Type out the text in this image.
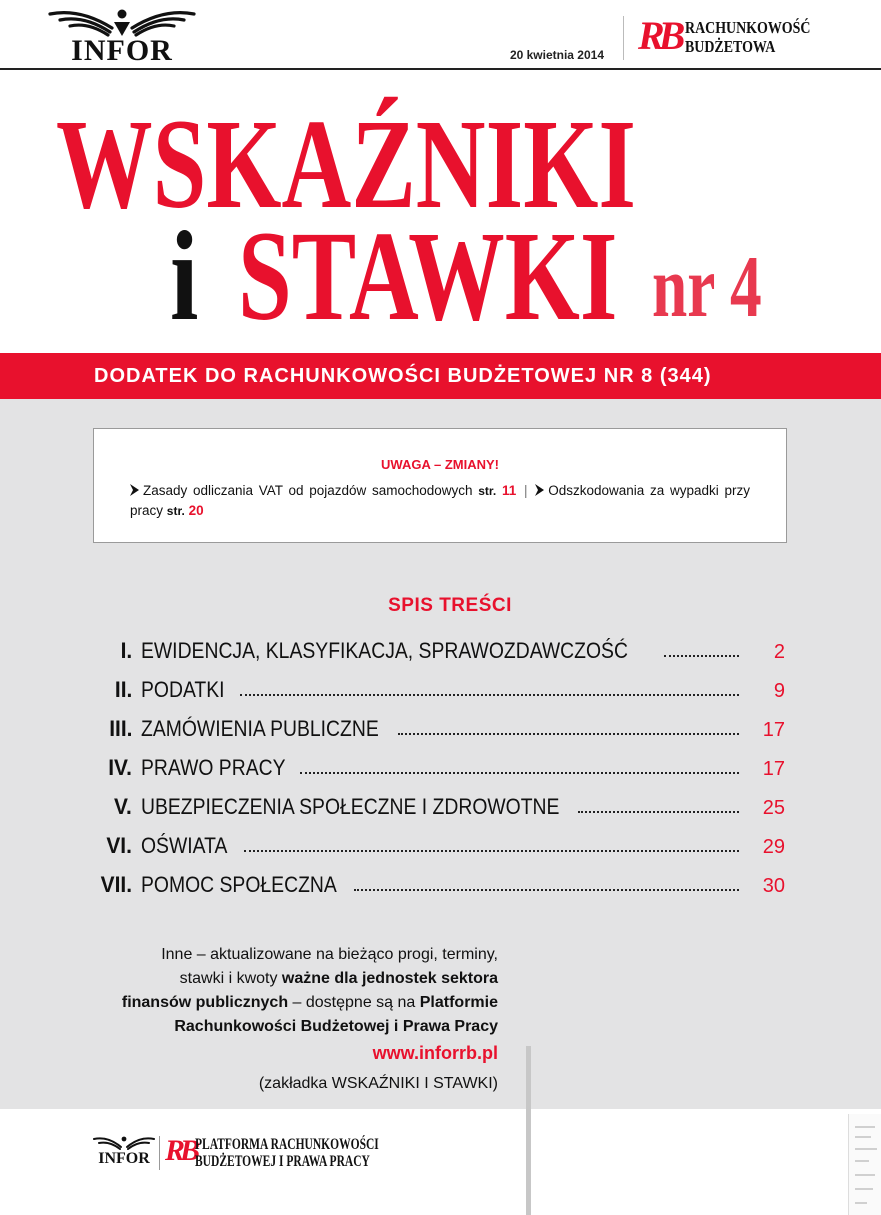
INFOR	20 kwietnia 2014 RB RACHUNKOWOŚĆ
BUDŻETOWA
WSKAŹNIKI
i STAWKI nr 4
DODATEK DO RACHUNKOWOŚCI BUDŻETOWEJ NR 8 (344)
UWAGA – ZMIANY!
Zasady odliczania VAT od pojazdów samochodowych str. 11 | Odszkodowania za wypadki przy pracy str. 20
SPIS TREŚCI
I. EWIDENCJA, KLASYFIKACJA, SPRAWOZDAWCZOŚĆ	2
II. PODATKI	9
III. ZAMÓWIENIA PUBLICZNE	17
IV. PRAWO PRACY	17
V. UBEZPIECZENIA SPOŁECZNE I ZDROWOTNE	25
VI. OŚWIATA	29
VII. POMOC SPOŁECZNA	30
Inne – aktualizowane na bieżąco progi, terminy,
stawki i kwoty ważne dla jednostek sektora
finansów publicznych – dostępne są na Platformie
Rachunkowości Budżetowej i Prawa Pracy
www.inforrb.pl
(zakładka WSKAŹNIKI I STAWKI)
INFOR RB PLATFORMA RACHUNKOWOŚCI
BUDŻETOWEJ I PRAWA PRACY
